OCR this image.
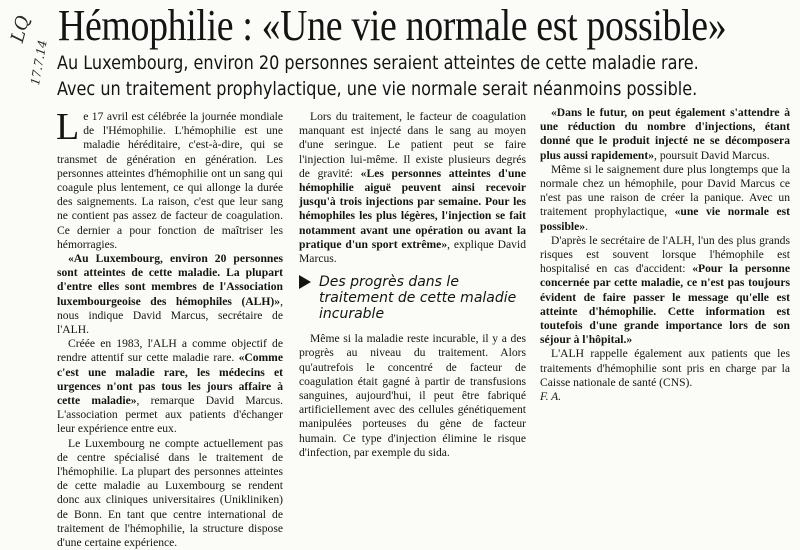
LQ
17.7.14
Hémophilie : «Une vie normale est possible»
Au Luxembourg, environ 20 personnes seraient atteintes de cette maladie rare.
Avec un traitement prophylactique, une vie normale serait néanmoins possible.

Le 17 avril est célébrée la journée mondiale de l'Hémophilie. L'hémophilie est une maladie héréditaire, c'est-à-dire, qui se transmet de génération en génération. Les personnes atteintes d'hémophilie ont un sang qui coagule plus lentement, ce qui allonge la durée des saignements. La raison, c'est que leur sang ne contient pas assez de facteur de coagulation. Ce dernier a pour fonction de maîtriser les hémorragies.

«Au Luxembourg, environ 20 personnes sont atteintes de cette maladie. La plupart d'entre elles sont membres de l'Association luxembourgeoise des hémophiles (ALH)», nous indique David Marcus, secrétaire de l'ALH.

Créée en 1983, l'ALH a comme objectif de rendre attentif sur cette maladie rare. «Comme c'est une maladie rare, les médecins et urgences n'ont pas tous les jours affaire à cette maladie», remarque David Marcus. L'association permet aux patients d'échanger leur expérience entre eux.

Le Luxembourg ne compte actuellement pas de centre spécialisé dans le traitement de l'hémophilie. La plupart des personnes atteintes de cette maladie au Luxembourg se rendent donc aux cliniques universitaires (Unikliniken) de Bonn. En tant que centre international de traitement de l'hémophilie, la structure dispose d'une certaine expérience.

Lors du traitement, le facteur de coagulation manquant est injecté dans le sang au moyen d'une seringue. Le patient peut se faire l'injection lui-même. Il existe plusieurs degrés de gravité: «Les personnes atteintes d'une hémophilie aiguë peuvent ainsi recevoir jusqu'à trois injections par semaine. Pour les hémophiles les plus légères, l'injection se fait notamment avant une opération ou avant la pratique d'un sport extrême», explique David Marcus.

Des progrès dans le traitement de cette maladie incurable

Même si la maladie reste incurable, il y a des progrès au niveau du traitement. Alors qu'autrefois le concentré de facteur de coagulation était gagné à partir de transfusions sanguines, aujourd'hui, il peut être fabriqué artificiellement avec des cellules génétiquement manipulées porteuses du gène de facteur humain. Ce type d'injection élimine le risque d'infection, par exemple du sida.

«Dans le futur, on peut également s'attendre à une réduction du nombre d'injections, étant donné que le produit injecté ne se décomposera plus aussi rapidement», poursuit David Marcus.

Même si le saignement dure plus longtemps que la normale chez un hémophile, pour David Marcus ce n'est pas une raison de créer la panique. Avec un traitement prophylactique, «une vie normale est possible».

D'après le secrétaire de l'ALH, l'un des plus grands risques est souvent lorsque l'hémophile est hospitalisé en cas d'accident: «Pour la personne concernée par cette maladie, ce n'est pas toujours évident de faire passer le message qu'elle est atteinte d'hémophilie. Cette information est toutefois d'une grande importance lors de son séjour à l'hôpital.»

L'ALH rappelle également aux patients que les traitements d'hémophilie sont pris en charge par la Caisse nationale de santé (CNS).

F. A.
